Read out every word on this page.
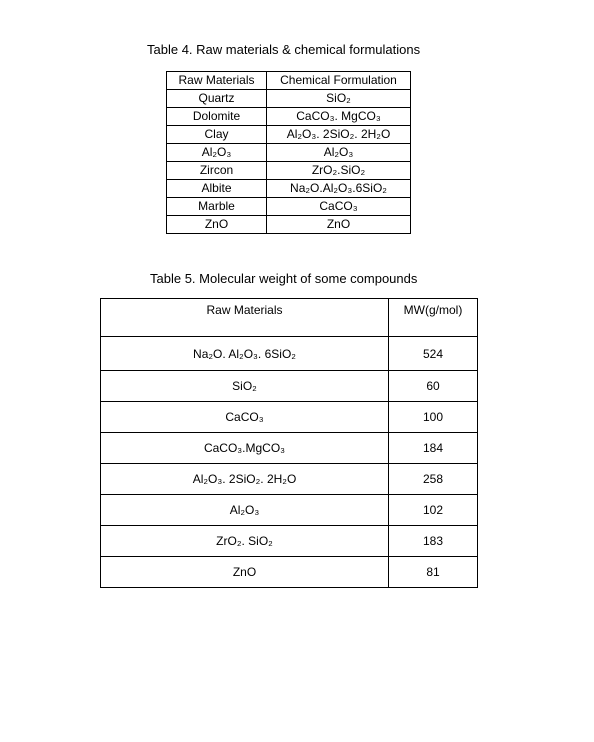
Table 4. Raw materials & chemical formulations
Raw Materials	Chemical Formulation
Quartz	SiO₂
Dolomite	CaCO₃. MgCO₃
Clay	Al₂O₃. 2SiO₂. 2H₂O
Al₂O₃	Al₂O₃
Zircon	ZrO₂.SiO₂
Albite	Na₂O.Al₂O₃.6SiO₂
Marble	CaCO₃
ZnO	ZnO
Table 5. Molecular weight of some compounds
Raw Materials	MW(g/mol)
Na₂O. Al₂O₃. 6SiO₂	524
SiO₂	60
CaCO₃	100
CaCO₃.MgCO₃	184
Al₂O₃. 2SiO₂. 2H₂O	258
Al₂O₃	102
ZrO₂. SiO₂	183
ZnO	81
